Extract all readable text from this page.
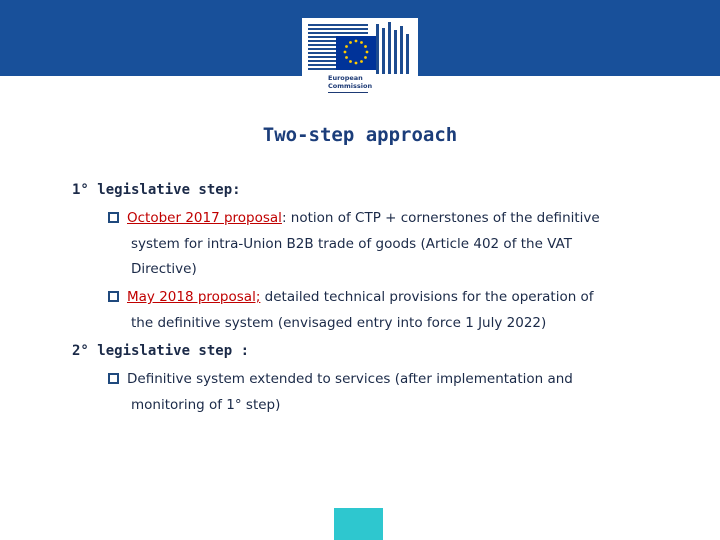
European
Commission
Two-step approach
1° legislative step:
October 2017 proposal: notion of CTP + cornerstones of the definitive
system for intra-Union B2B trade of goods (Article 402 of the VAT
Directive)
May 2018 proposal; detailed technical provisions for the operation of
the definitive system (envisaged entry into force 1 July 2022)
2° legislative step :
Definitive system extended to services (after implementation and
monitoring of 1° step)
